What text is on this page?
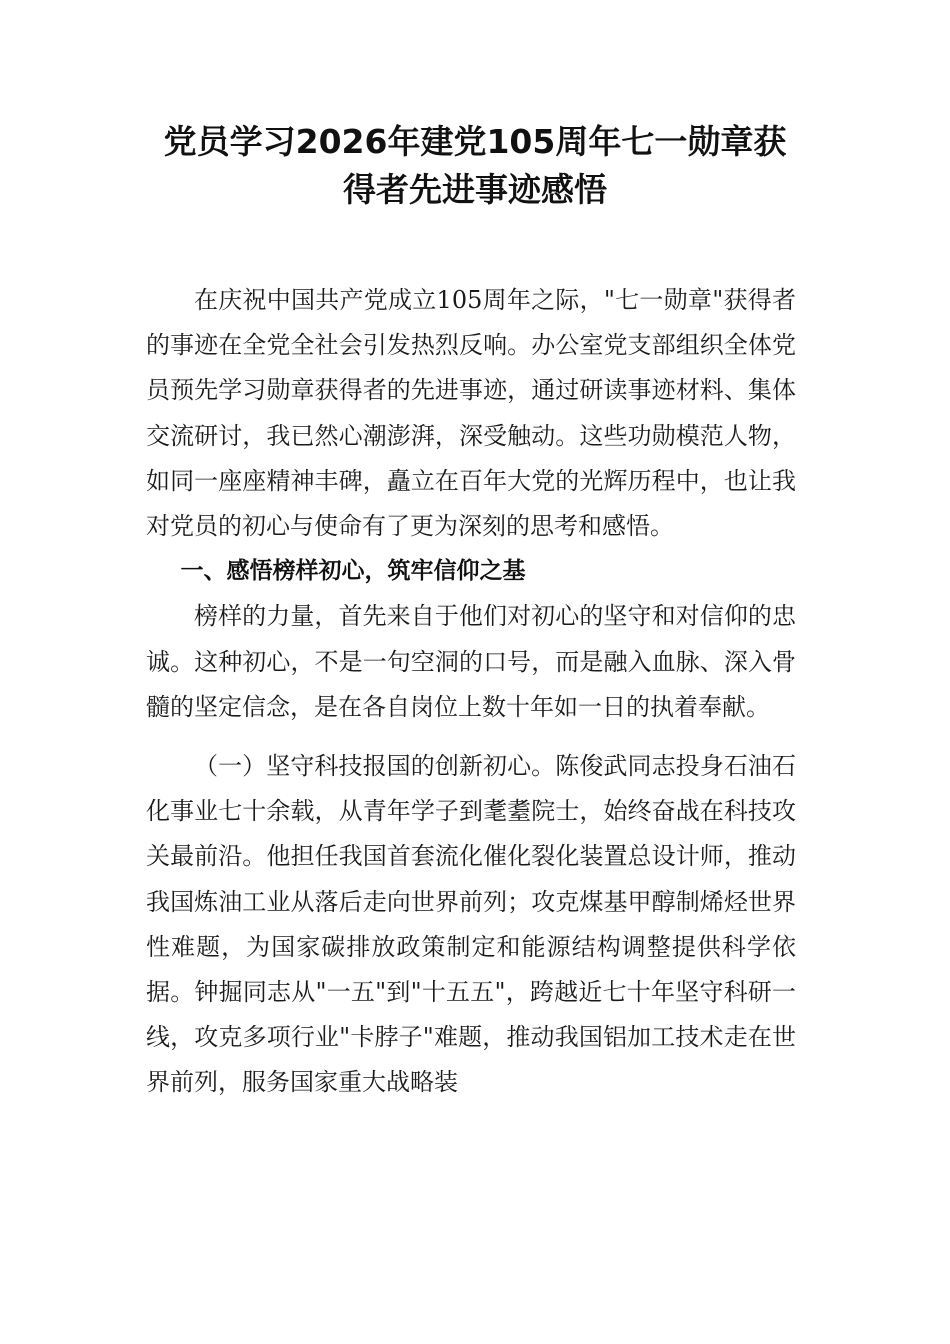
党员学习2026年建党105周年七一勋章获
得者先进事迹感悟

在庆祝中国共产党成立105周年之际，"七一勋章"获得者的事迹在全党全社会引发热烈反响。办公室党支部组织全体党员预先学习勋章获得者的先进事迹，通过研读事迹材料、集体交流研讨，我已然心潮澎湃，深受触动。这些功勋模范人物，如同一座座精神丰碑，矗立在百年大党的光辉历程中，也让我对党员的初心与使命有了更为深刻的思考和感悟。

一、感悟榜样初心，筑牢信仰之基

榜样的力量，首先来自于他们对初心的坚守和对信仰的忠诚。这种初心，不是一句空洞的口号，而是融入血脉、深入骨髓的坚定信念，是在各自岗位上数十年如一日的执着奉献。

（一）坚守科技报国的创新初心。陈俊武同志投身石油石化事业七十余载，从青年学子到耄耋院士，始终奋战在科技攻关最前沿。他担任我国首套流化催化裂化装置总设计师，推动我国炼油工业从落后走向世界前列；攻克煤基甲醇制烯烃世界性难题，为国家碳排放政策制定和能源结构调整提供科学依据。钟掘同志从"一五"到"十五五"，跨越近七十年坚守科研一线，攻克多项行业"卡脖子"难题，推动我国铝加工技术走在世界前列，服务国家重大战略装
